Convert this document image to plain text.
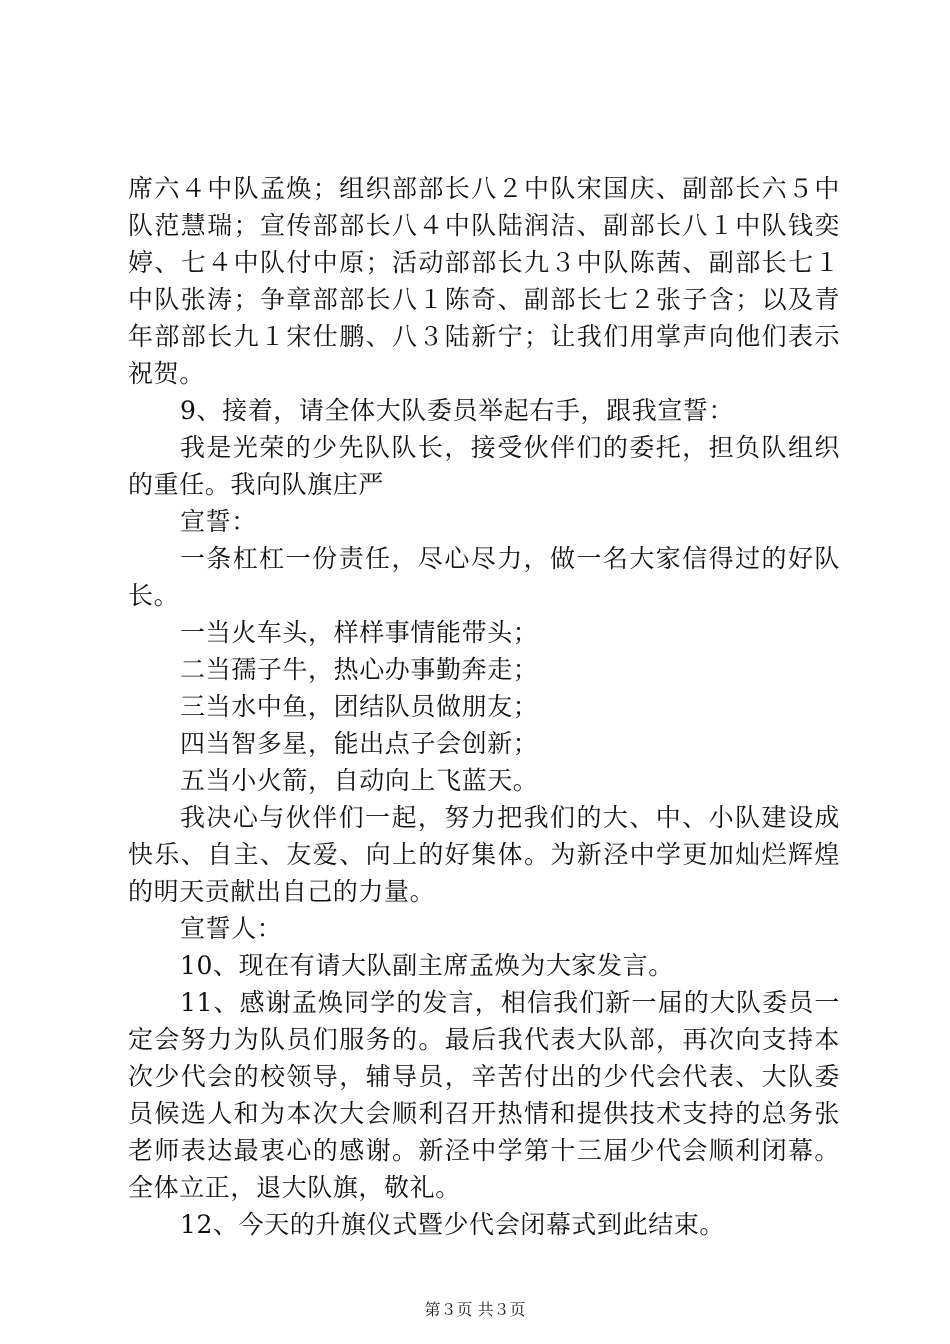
席六４中队孟焕；组织部部长八２中队宋国庆、副部长六５中队范慧瑞；宣传部部长八４中队陆润洁、副部长八１中队钱奕婷、七４中队付中原；活动部部长九３中队陈茜、副部长七１中队张涛；争章部部长八１陈奇、副部长七２张子含；以及青年部部长九１宋仕鹏、八３陆新宁；让我们用掌声向他们表示祝贺。

9、接着，请全体大队委员举起右手，跟我宣誓：

我是光荣的少先队队长，接受伙伴们的委托，担负队组织的重任。我向队旗庄严

宣誓：

一条杠杠一份责任，尽心尽力，做一名大家信得过的好队长。

一当火车头，样样事情能带头；

二当孺子牛，热心办事勤奔走；

三当水中鱼，团结队员做朋友；

四当智多星，能出点子会创新；

五当小火箭，自动向上飞蓝天。

我决心与伙伴们一起，努力把我们的大、中、小队建设成快乐、自主、友爱、向上的好集体。为新泾中学更加灿烂辉煌的明天贡献出自己的力量。

宣誓人：

10、现在有请大队副主席孟焕为大家发言。

11、感谢孟焕同学的发言，相信我们新一届的大队委员一定会努力为队员们服务的。最后我代表大队部，再次向支持本次少代会的校领导，辅导员，辛苦付出的少代会代表、大队委员候选人和为本次大会顺利召开热情和提供技术支持的总务张老师表达最衷心的感谢。新泾中学第十三届少代会顺利闭幕。全体立正，退大队旗，敬礼。

12、今天的升旗仪式暨少代会闭幕式到此结束。

第３页 共３页
